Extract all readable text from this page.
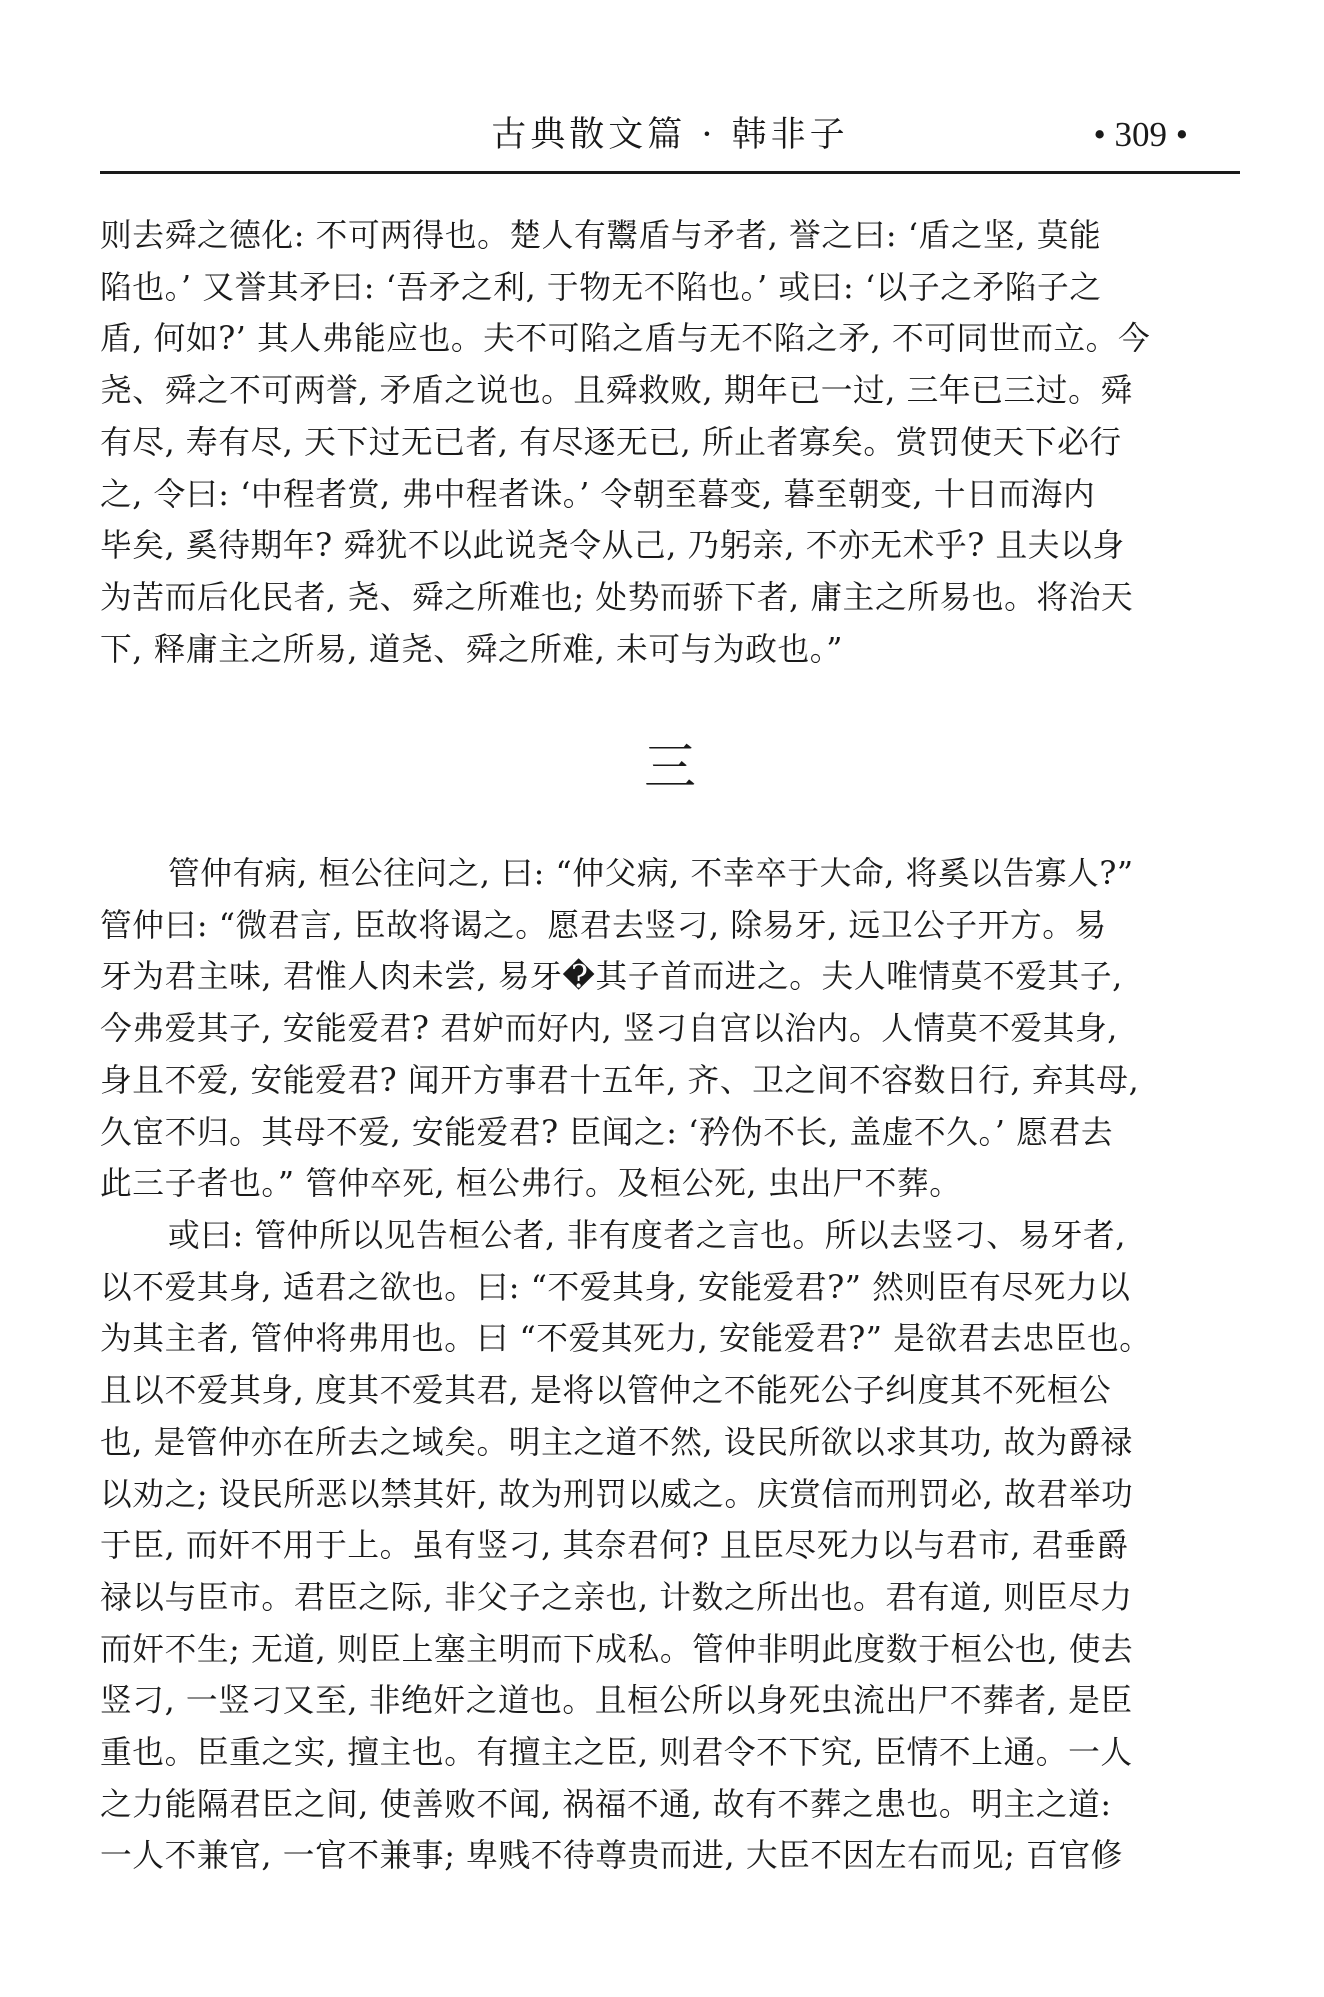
古典散文篇 · 韩非子	• 309 •
则去舜之德化: 不可两得也。楚人有鬻盾与矛者, 誉之曰: ‘盾之坚, 莫能
陷也。’ 又誉其矛曰: ‘吾矛之利, 于物无不陷也。’ 或曰: ‘以子之矛陷子之
盾, 何如?’ 其人弗能应也。夫不可陷之盾与无不陷之矛, 不可同世而立。今
尧、舜之不可两誉, 矛盾之说也。且舜救败, 期年已一过, 三年已三过。舜
有尽, 寿有尽, 天下过无已者, 有尽逐无已, 所止者寡矣。赏罚使天下必行
之, 令曰: ‘中程者赏, 弗中程者诛。’ 令朝至暮变, 暮至朝变, 十日而海内
毕矣, 奚待期年? 舜犹不以此说尧令从己, 乃躬亲, 不亦无术乎? 且夫以身
为苦而后化民者, 尧、舜之所难也; 处势而骄下者, 庸主之所易也。将治天
下, 释庸主之所易, 道尧、舜之所难, 未可与为政也。”
三
管仲有病, 桓公往问之, 曰: “仲父病, 不幸卒于大命, 将奚以告寡人?”
管仲曰: “微君言, 臣故将谒之。愿君去竖刁, 除易牙, 远卫公子开方。易
牙为君主味, 君惟人肉未尝, 易牙�其子首而进之。夫人唯情莫不爱其子,
今弗爱其子, 安能爱君? 君妒而好内, 竖刁自宫以治内。人情莫不爱其身,
身且不爱, 安能爱君? 闻开方事君十五年, 齐、卫之间不容数日行, 弃其母,
久宦不归。其母不爱, 安能爱君? 臣闻之: ‘矜伪不长, 盖虚不久。’ 愿君去
此三子者也。” 管仲卒死, 桓公弗行。及桓公死, 虫出尸不葬。
或曰: 管仲所以见告桓公者, 非有度者之言也。所以去竖刁、易牙者,
以不爱其身, 适君之欲也。曰: “不爱其身, 安能爱君?” 然则臣有尽死力以
为其主者, 管仲将弗用也。曰 “不爱其死力, 安能爱君?” 是欲君去忠臣也。
且以不爱其身, 度其不爱其君, 是将以管仲之不能死公子纠度其不死桓公
也, 是管仲亦在所去之域矣。明主之道不然, 设民所欲以求其功, 故为爵禄
以劝之; 设民所恶以禁其奸, 故为刑罚以威之。庆赏信而刑罚必, 故君举功
于臣, 而奸不用于上。虽有竖刁, 其奈君何? 且臣尽死力以与君市, 君垂爵
禄以与臣市。君臣之际, 非父子之亲也, 计数之所出也。君有道, 则臣尽力
而奸不生; 无道, 则臣上塞主明而下成私。管仲非明此度数于桓公也, 使去
竖刁, 一竖刁又至, 非绝奸之道也。且桓公所以身死虫流出尸不葬者, 是臣
重也。臣重之实, 擅主也。有擅主之臣, 则君令不下究, 臣情不上通。一人
之力能隔君臣之间, 使善败不闻, 祸福不通, 故有不葬之患也。明主之道:
一人不兼官, 一官不兼事; 卑贱不待尊贵而进, 大臣不因左右而见; 百官修
